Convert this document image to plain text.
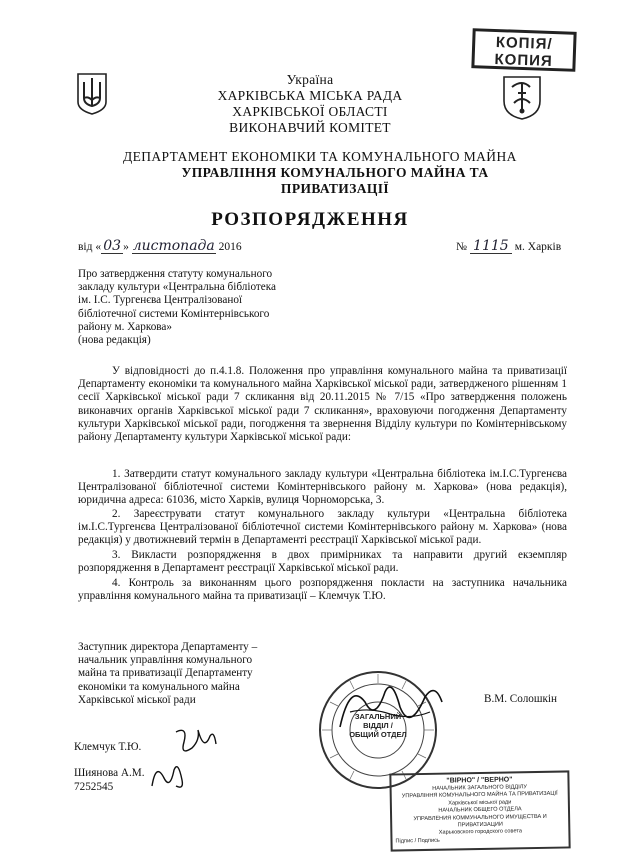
КОПІЯ/
КОПИЯ
Україна
ХАРКІВСЬКА МІСЬКА РАДА
ХАРКІВСЬКОЇ ОБЛАСТІ
ВИКОНАВЧИЙ КОМІТЕТ
ДЕПАРТАМЕНТ ЕКОНОМІКИ ТА КОМУНАЛЬНОГО МАЙНА
УПРАВЛІННЯ КОМУНАЛЬНОГО МАЙНА ТА
ПРИВАТИЗАЦІЇ
РОЗПОРЯДЖЕННЯ
від « 03 » листопада 2016	№ 1115 м. Харків
Про затвердження статуту комунального
закладу культури «Центральна бібліотека
ім. І.С. Тургенєва Централізованої
бібліотечної системи Комінтернівського
району м. Харкова»
(нова редакція)
У відповідності до п.4.1.8. Положення про управління комунального майна та приватизації Департаменту економіки та комунального майна Харківської міської ради, затвердженого рішенням 1 сесії Харківської міської ради 7 скликання від 20.11.2015 № 7/15 «Про затвердження положень виконавчих органів Харківської міської ради 7 скликання», враховуючи погодження Департаменту культури Харківської міської ради, погодження та звернення Відділу культури по Комінтернівському району Департаменту культури Харківської міської ради:
1. Затвердити статут комунального закладу культури «Центральна бібліотека ім.І.С.Тургенєва Централізованої бібліотечної системи Комінтернівського району м. Харкова» (нова редакція), юридична адреса: 61036, місто Харків, вулиця Чорноморська, 3.
2. Зареєструвати статут комунального закладу культури «Центральна бібліотека ім.І.С.Тургенєва Централізованої бібліотечної системи Комінтернівського району м. Харкова» (нова редакція) у двотижневий термін в Департаменті реєстрації Харківської міської ради.
3. Викласти розпорядження в двох примірниках та направити другий екземпляр розпорядження в Департамент реєстрації Харківської міської ради.
4. Контроль за виконанням цього розпорядження покласти на заступника начальника управління комунального майна та приватизації – Клемчук Т.Ю.
Заступник директора Департаменту –
начальник управління комунального
майна та приватизації Департаменту
економіки та комунального майна
Харківської міської ради	В.М. Солошкін
ЗАГАЛЬНИЙ
ВІДДІЛ /
ОБЩИЙ ОТДЕЛ
Клемчук Т.Ю.
Шиянова А.М.
7252545
"ВІРНО" / "ВЕРНО"
НАЧАЛЬНИК ЗАГАЛЬНОГО ВІДДІЛУ
УПРАВЛІННЯ КОМУНАЛЬНОГО МАЙНА ТА ПРИВАТИЗАЦІЇ
Харківської міської ради
НАЧАЛЬНИК ОБЩЕГО ОТДЕЛА
УПРАВЛЕНИЯ КОММУНАЛЬНОГО ИМУЩЕСТВА И ПРИВАТИЗАЦИИ
Харьковского городского совета
Підпис / Подпись
